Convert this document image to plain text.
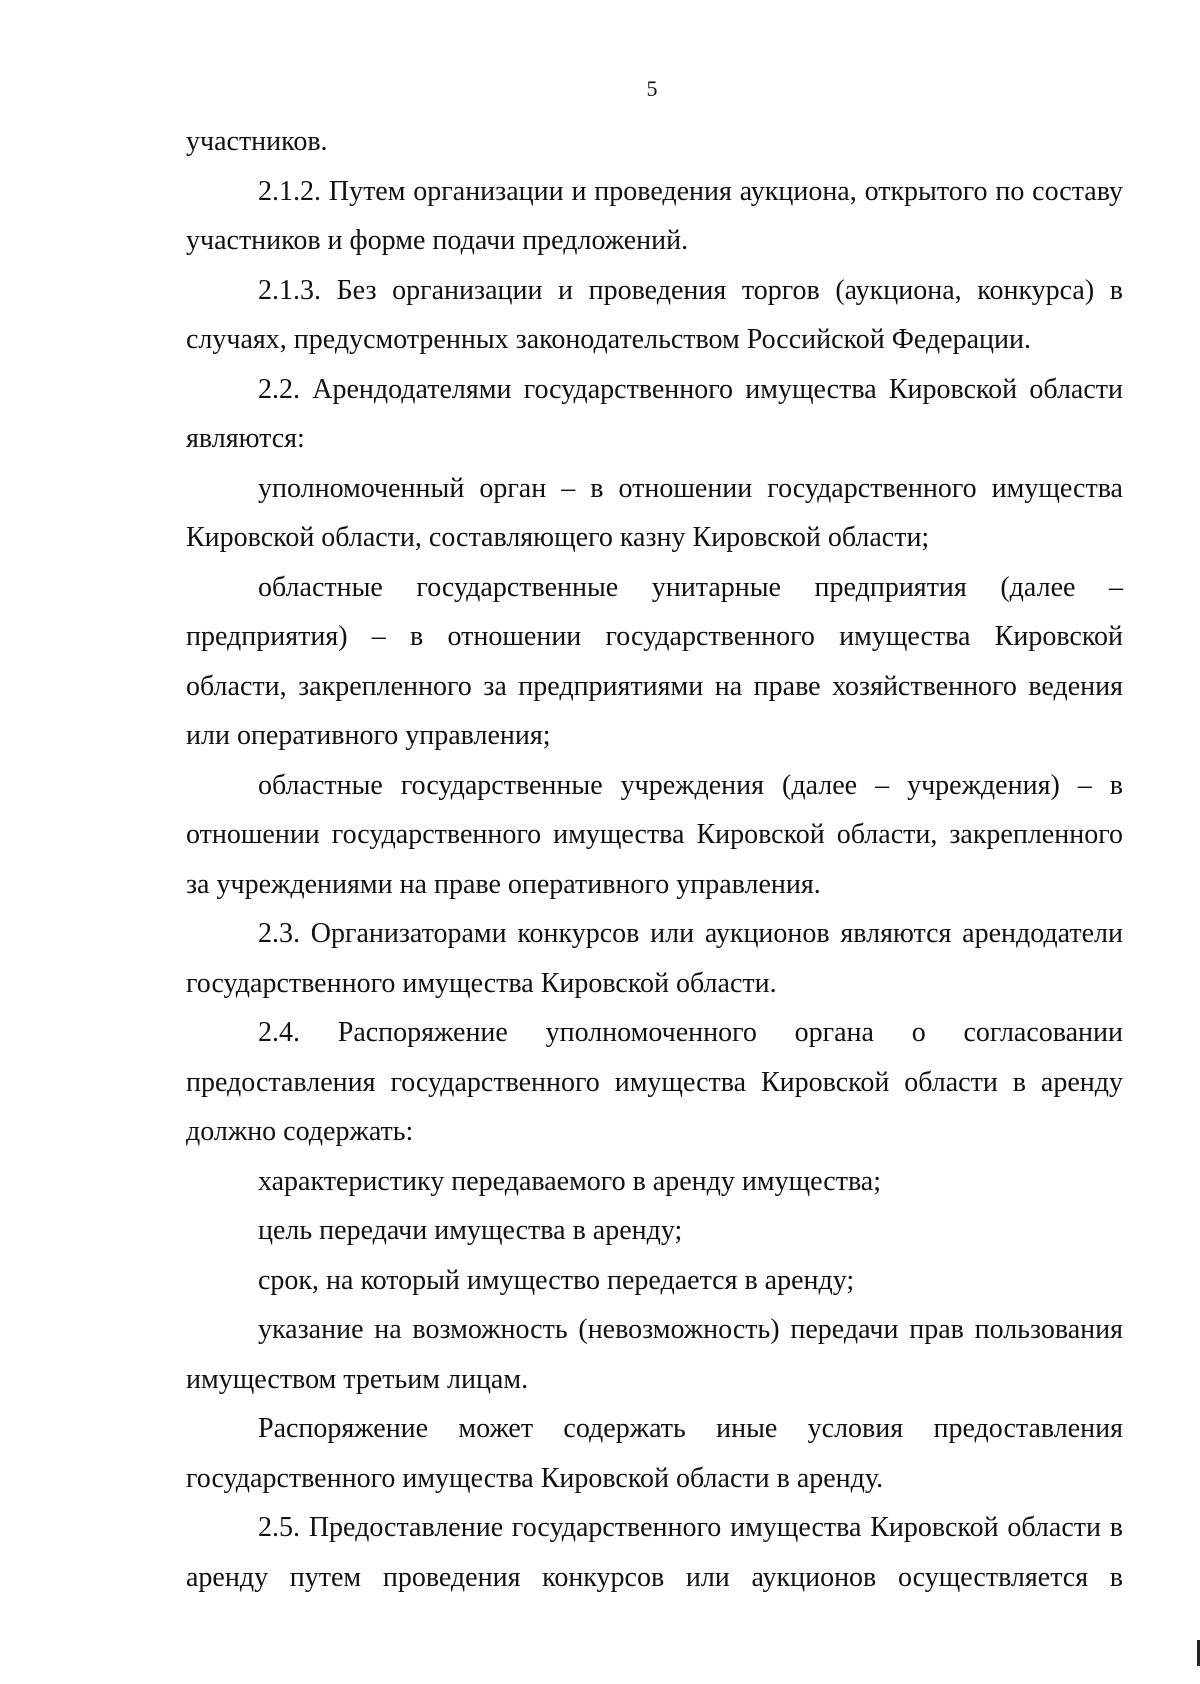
5

участников.

2.1.2. Путем организации и проведения аукциона, открытого по составу участников и форме подачи предложений.

2.1.3. Без организации и проведения торгов (аукциона, конкурса) в случаях, предусмотренных законодательством Российской Федерации.

2.2. Арендодателями государственного имущества Кировской области являются:

уполномоченный орган – в отношении государственного имущества Кировской области, составляющего казну Кировской области;

областные государственные унитарные предприятия (далее – предприятия) – в отношении государственного имущества Кировской области, закрепленного за предприятиями на праве хозяйственного ведения или оперативного управления;

областные государственные учреждения (далее – учреждения) – в отношении государственного имущества Кировской области, закрепленного за учреждениями на праве оперативного управления.

2.3. Организаторами конкурсов или аукционов являются арендодатели государственного имущества Кировской области.

2.4. Распоряжение уполномоченного органа о согласовании предоставления государственного имущества Кировской области в аренду должно содержать:

характеристику передаваемого в аренду имущества;

цель передачи имущества в аренду;

срок, на который имущество передается в аренду;

указание на возможность (невозможность) передачи прав пользования имуществом третьим лицам.

Распоряжение может содержать иные условия предоставления государственного имущества Кировской области в аренду.

2.5. Предоставление государственного имущества Кировской области в аренду путем проведения конкурсов или аукционов осуществляется в
